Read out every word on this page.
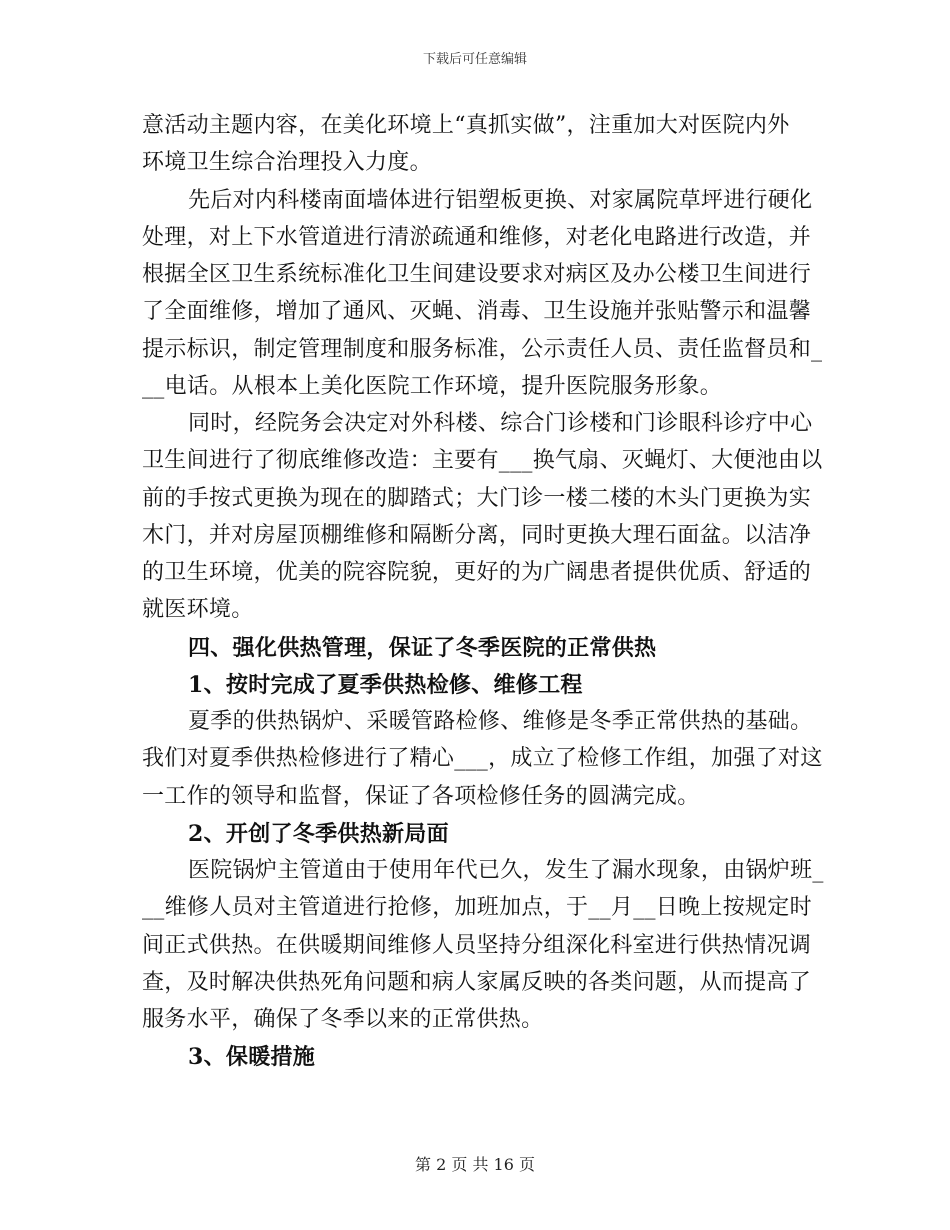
下载后可任意编辑
意活动主题内容，在美化环境上“真抓实做”，注重加大对医院内外
环境卫生综合治理投入力度。
先后对内科楼南面墙体进行铝塑板更换、对家属院草坪进行硬化
处理，对上下水管道进行清淤疏通和维修，对老化电路进行改造，并
根据全区卫生系统标准化卫生间建设要求对病区及办公楼卫生间进行
了全面维修，增加了通风、灭蝇、消毒、卫生设施并张贴警示和温馨
提示标识，制定管理制度和服务标准，公示责任人员、责任监督员和_
__电话。从根本上美化医院工作环境，提升医院服务形象。
同时，经院务会决定对外科楼、综合门诊楼和门诊眼科诊疗中心
卫生间进行了彻底维修改造：主要有___换气扇、灭蝇灯、大便池由以
前的手按式更换为现在的脚踏式；大门诊一楼二楼的木头门更换为实
木门，并对房屋顶棚维修和隔断分离，同时更换大理石面盆。以洁净
的卫生环境，优美的院容院貌，更好的为广阔患者提供优质、舒适的
就医环境。
四、强化供热管理，保证了冬季医院的正常供热
1、按时完成了夏季供热检修、维修工程
夏季的供热锅炉、采暖管路检修、维修是冬季正常供热的基础。
我们对夏季供热检修进行了精心___，成立了检修工作组，加强了对这
一工作的领导和监督，保证了各项检修任务的圆满完成。
2、开创了冬季供热新局面
医院锅炉主管道由于使用年代已久，发生了漏水现象，由锅炉班_
__维修人员对主管道进行抢修，加班加点，于__月__日晚上按规定时
间正式供热。在供暖期间维修人员坚持分组深化科室进行供热情况调
查，及时解决供热死角问题和病人家属反映的各类问题，从而提高了
服务水平，确保了冬季以来的正常供热。
3、保暖措施
第 2 页 共 16 页
